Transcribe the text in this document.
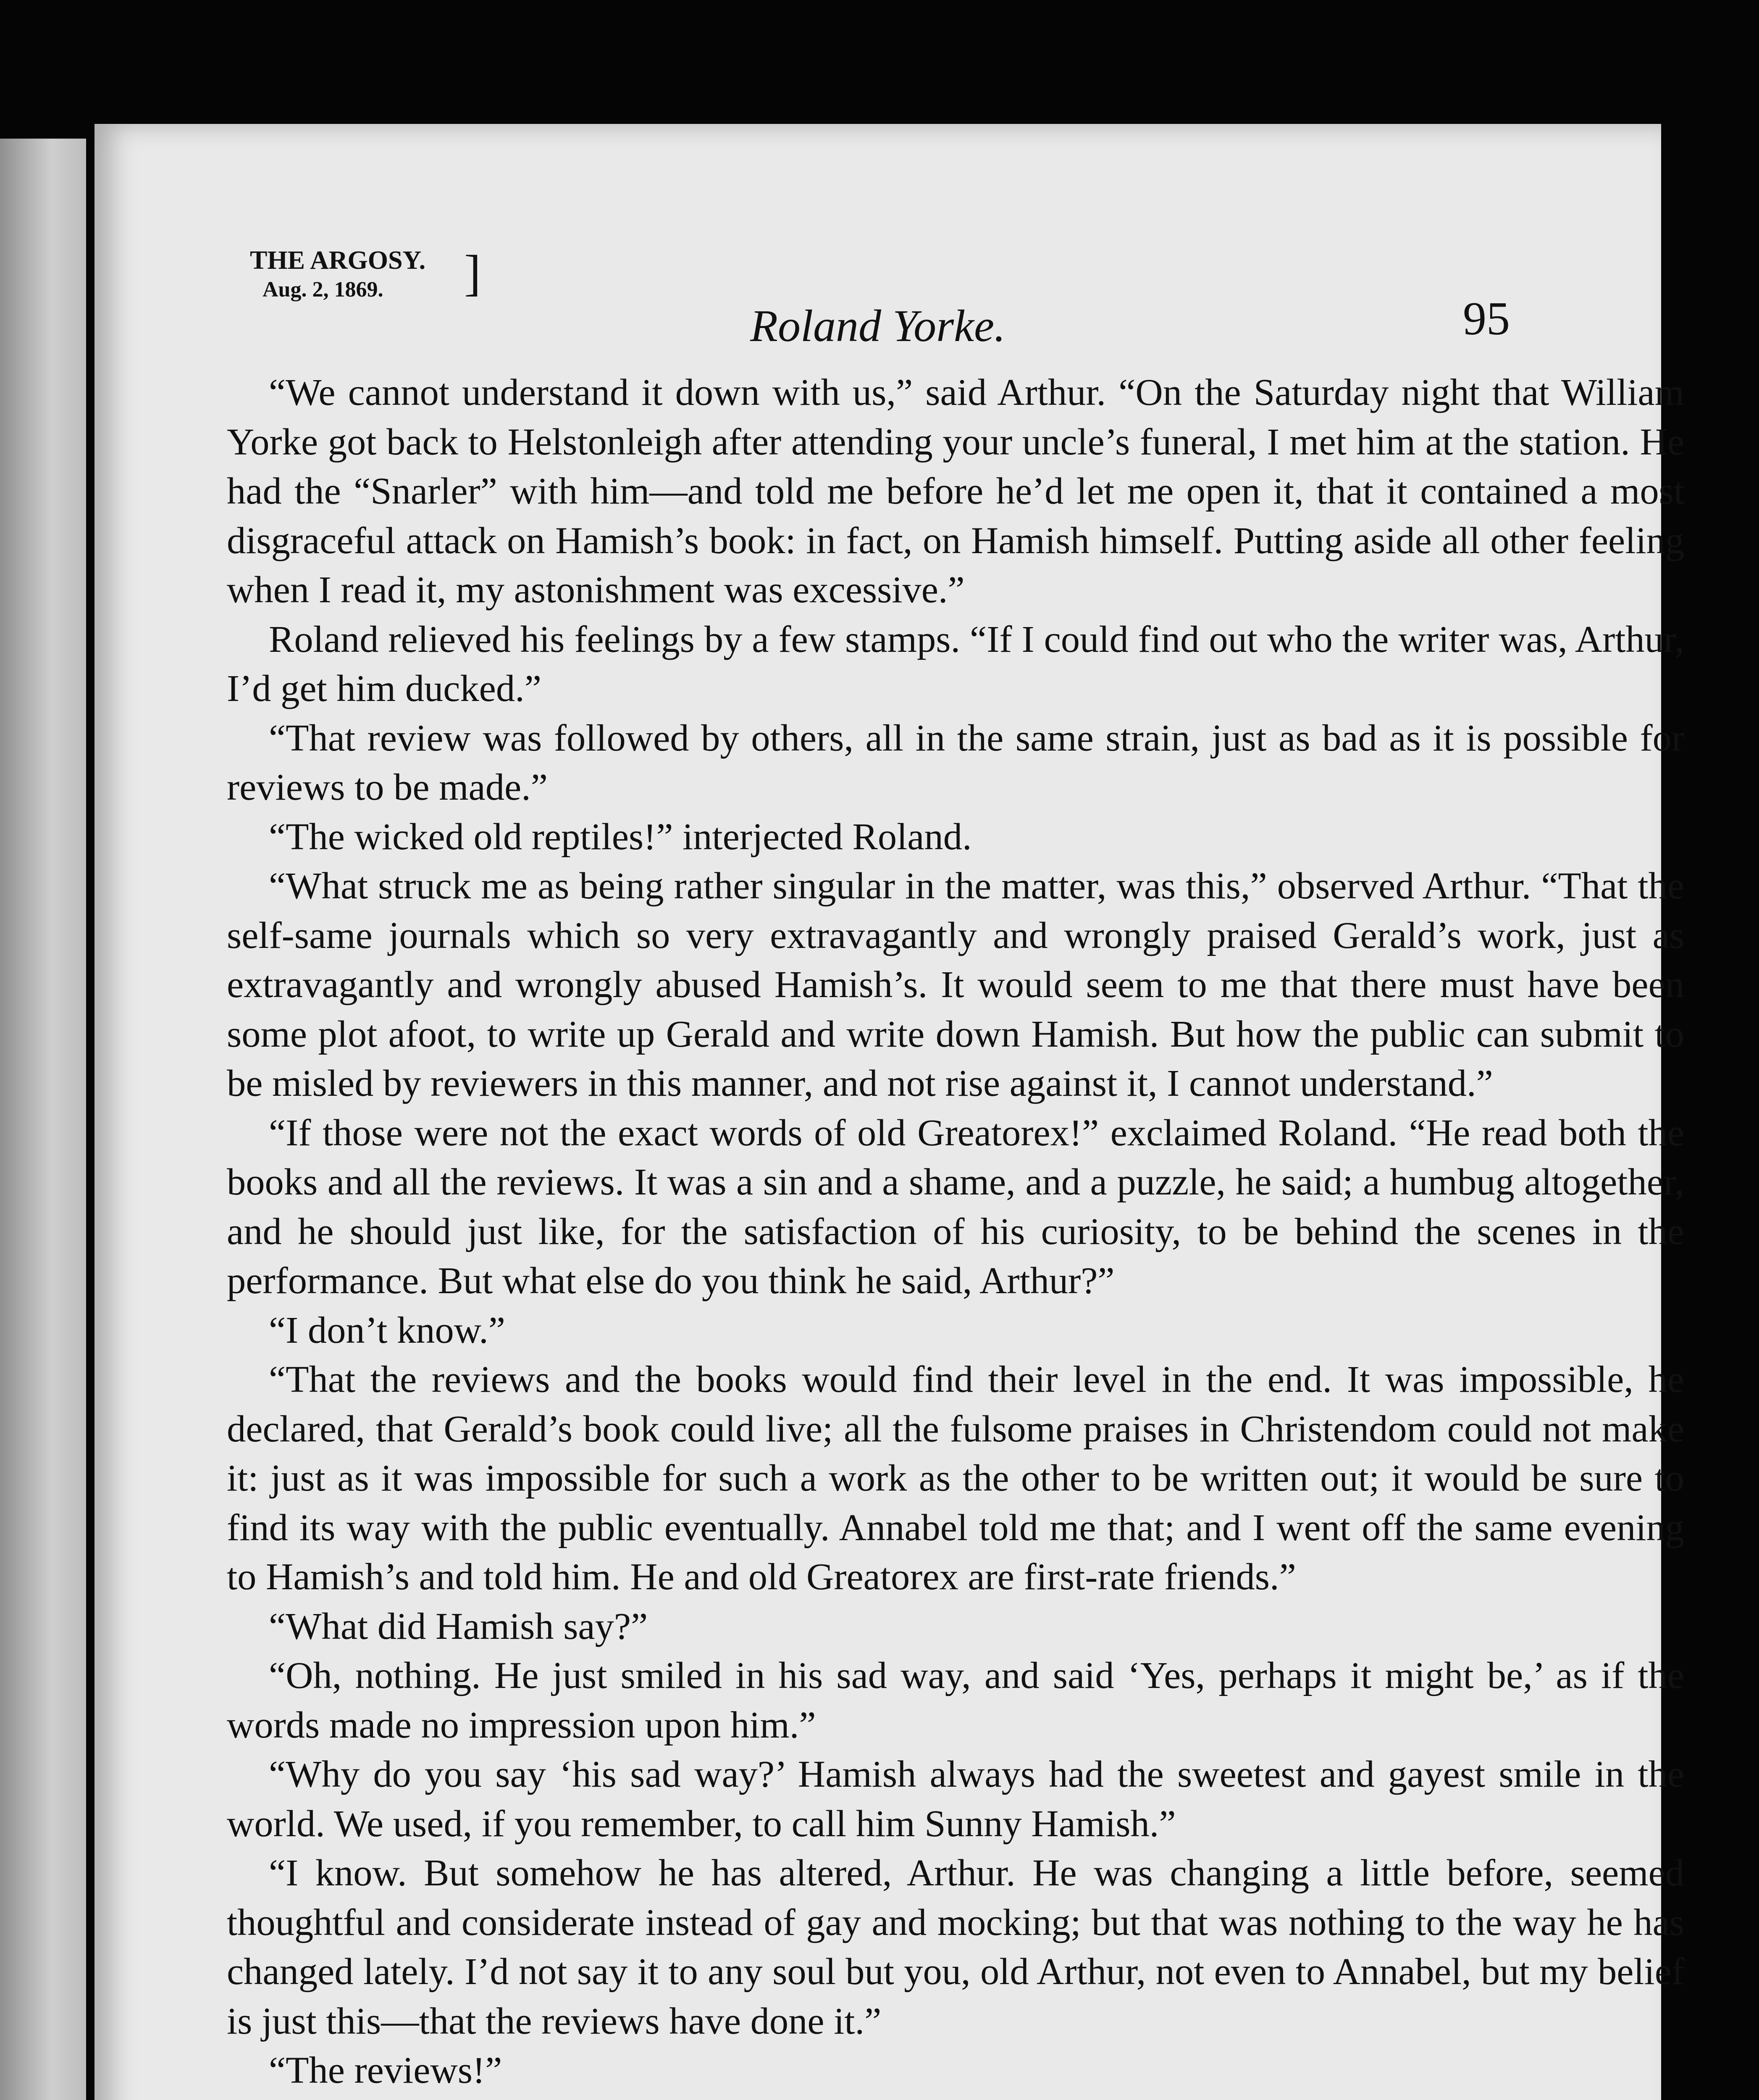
THE ARGOSY.
Aug. 2, 1869.	]
Roland Yorke.	95

“We cannot understand it down with us,” said Arthur. “On the Saturday night that William Yorke got back to Helstonleigh after attending your uncle’s funeral, I met him at the station. He had the “Snarler” with him—and told me before he’d let me open it, that it contained a most disgraceful attack on Hamish’s book: in fact, on Hamish himself. Putting aside all other feeling when I read it, my astonishment was excessive.”

Roland relieved his feelings by a few stamps. “If I could find out who the writer was, Arthur, I’d get him ducked.”

“That review was followed by others, all in the same strain, just as bad as it is possible for reviews to be made.”

“The wicked old reptiles!” interjected Roland.

“What struck me as being rather singular in the matter, was this,” observed Arthur. “That the self-same journals which so very extravagantly and wrongly praised Gerald’s work, just as extravagantly and wrongly abused Hamish’s. It would seem to me that there must have been some plot afoot, to write up Gerald and write down Hamish. But how the public can submit to be misled by reviewers in this manner, and not rise against it, I cannot understand.”

“If those were not the exact words of old Greatorex!” exclaimed Roland. “He read both the books and all the reviews. It was a sin and a shame, and a puzzle, he said; a humbug altogether, and he should just like, for the satisfaction of his curiosity, to be behind the scenes in the performance. But what else do you think he said, Arthur?”

“I don’t know.”

“That the reviews and the books would find their level in the end. It was impossible, he declared, that Gerald’s book could live; all the fulsome praises in Christendom could not make it: just as it was impossible for such a work as the other to be written out; it would be sure to find its way with the public eventually. Annabel told me that; and I went off the same evening to Hamish’s and told him. He and old Greatorex are first-rate friends.”

“What did Hamish say?”

“Oh, nothing. He just smiled in his sad way, and said ‘Yes, perhaps it might be,’ as if the words made no impression upon him.”

“Why do you say ‘his sad way?’ Hamish always had the sweetest and gayest smile in the world. We used, if you remember, to call him Sunny Hamish.”

“I know. But somehow he has altered, Arthur. He was changing a little before, seemed thoughtful and considerate instead of gay and mocking; but that was nothing to the way he has changed lately. I’d not say it to any soul but you, old Arthur, not even to Annabel, but my belief is just this—that the reviews have done it.”

“The reviews!”
